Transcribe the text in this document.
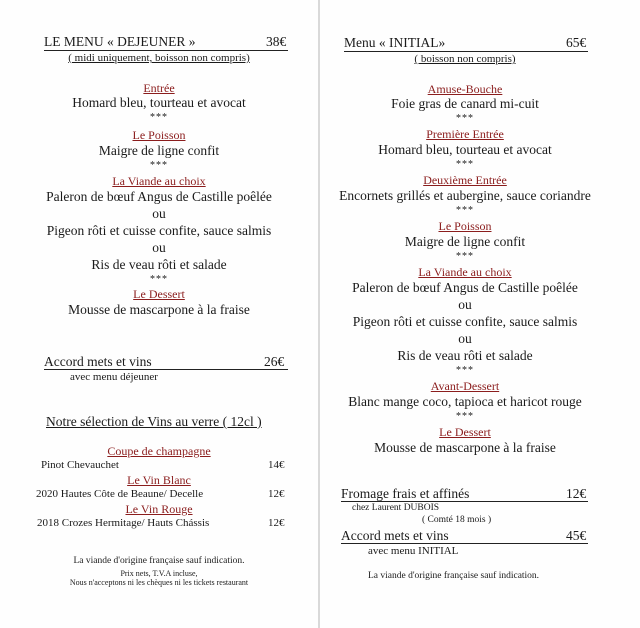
LE MENU « DEJEUNER »	38€
( midi uniquement, boisson non compris)
Entrée
Homard bleu, tourteau et avocat
***
Le Poisson
Maigre de ligne confit
***
La Viande au choix
Paleron de bœuf Angus de Castille poêlée
ou
Pigeon rôti et cuisse confite, sauce salmis
ou
Ris de veau rôti et salade
***
Le Dessert
Mousse de mascarpone à la fraise
Accord mets et vins	26€
avec menu déjeuner
Notre sélection de Vins au verre ( 12cl )
Coupe de champagne
Pinot Chevauchet	14€
Le Vin Blanc
2020 Hautes Côte de Beaune/ Decelle	12€
Le Vin Rouge
2018 Crozes Hermitage/ Hauts Chássis	12€
La viande d'origine française sauf indication.
Prix nets, T.V.A incluse,
Nous n'acceptons ni les chèques ni les tickets restaurant
Menu « INITIAL»	65€
( boisson non compris)
Amuse-Bouche
Foie gras de canard mi-cuit
***
Première Entrée
Homard bleu, tourteau et avocat
***
Deuxième Entrée
Encornets grillés et aubergine, sauce coriandre
***
Le Poisson
Maigre de ligne confit
***
La Viande au choix
Paleron de bœuf Angus de Castille poêlée
ou
Pigeon rôti et cuisse confite, sauce salmis
ou
Ris de veau rôti et salade
***
Avant-Dessert
Blanc mange coco, tapioca et haricot rouge
***
Le Dessert
Mousse de mascarpone à la fraise
Fromage frais et affinés	12€
chez Laurent DUBOIS
( Comté 18 mois )
Accord mets et vins	45€
avec menu INITIAL
La viande d'origine française sauf indication.
